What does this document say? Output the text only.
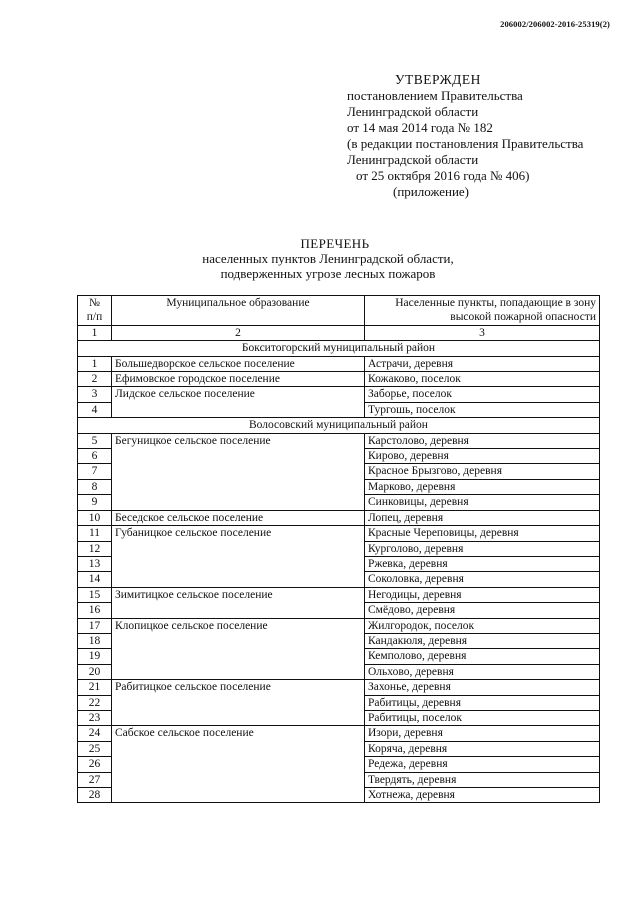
206002/206002-2016-25319(2)
УТВЕРЖДЕН
постановлением Правительства
Ленинградской области
от 14 мая 2014 года № 182
(в редакции постановления Правительства
Ленинградской области
от 25 октября 2016 года № 406)
(приложение)
ПЕРЕЧЕНЬ
населенных пунктов Ленинградской области,
подверженных угрозе лесных пожаров
№
п/п	Муниципальное образование	Населенные пункты, попадающие в зону
высокой пожарной опасности
1	2	3
Бокситогорский муниципальный район		
1	Большедворское сельское поселение	Астрачи, деревня
2	Ефимовское городское поселение	Кожаково, поселок
3	Лидское сельское поселение	Заборье, поселок
4		Тургошь, поселок
Волосовский муниципальный район		
5	Бегуницкое сельское поселение	Карстолово, деревня
6		Кирово, деревня
7		Красное Брызгово, деревня
8		Марково, деревня
9		Синковицы, деревня
10	Беседское сельское поселение	Лопец, деревня
11	Губаницкое сельское поселение	Красные Череповицы, деревня
12		Курголово, деревня
13		Ржевка, деревня
14		Соколовка, деревня
15	Зимитицкое сельское поселение	Негодицы, деревня
16		Смёдово, деревня
17	Клопицкое сельское поселение	Жилгородок, поселок
18		Кандакюля, деревня
19		Кемполово, деревня
20		Ольхово, деревня
21	Рабитицкое сельское поселение	Захонье, деревня
22		Рабитицы, деревня
23		Рабитицы, поселок
24	Сабское сельское поселение	Изори, деревня
25		Коряча, деревня
26		Редежа, деревня
27		Твердять, деревня
28		Хотнежа, деревня
